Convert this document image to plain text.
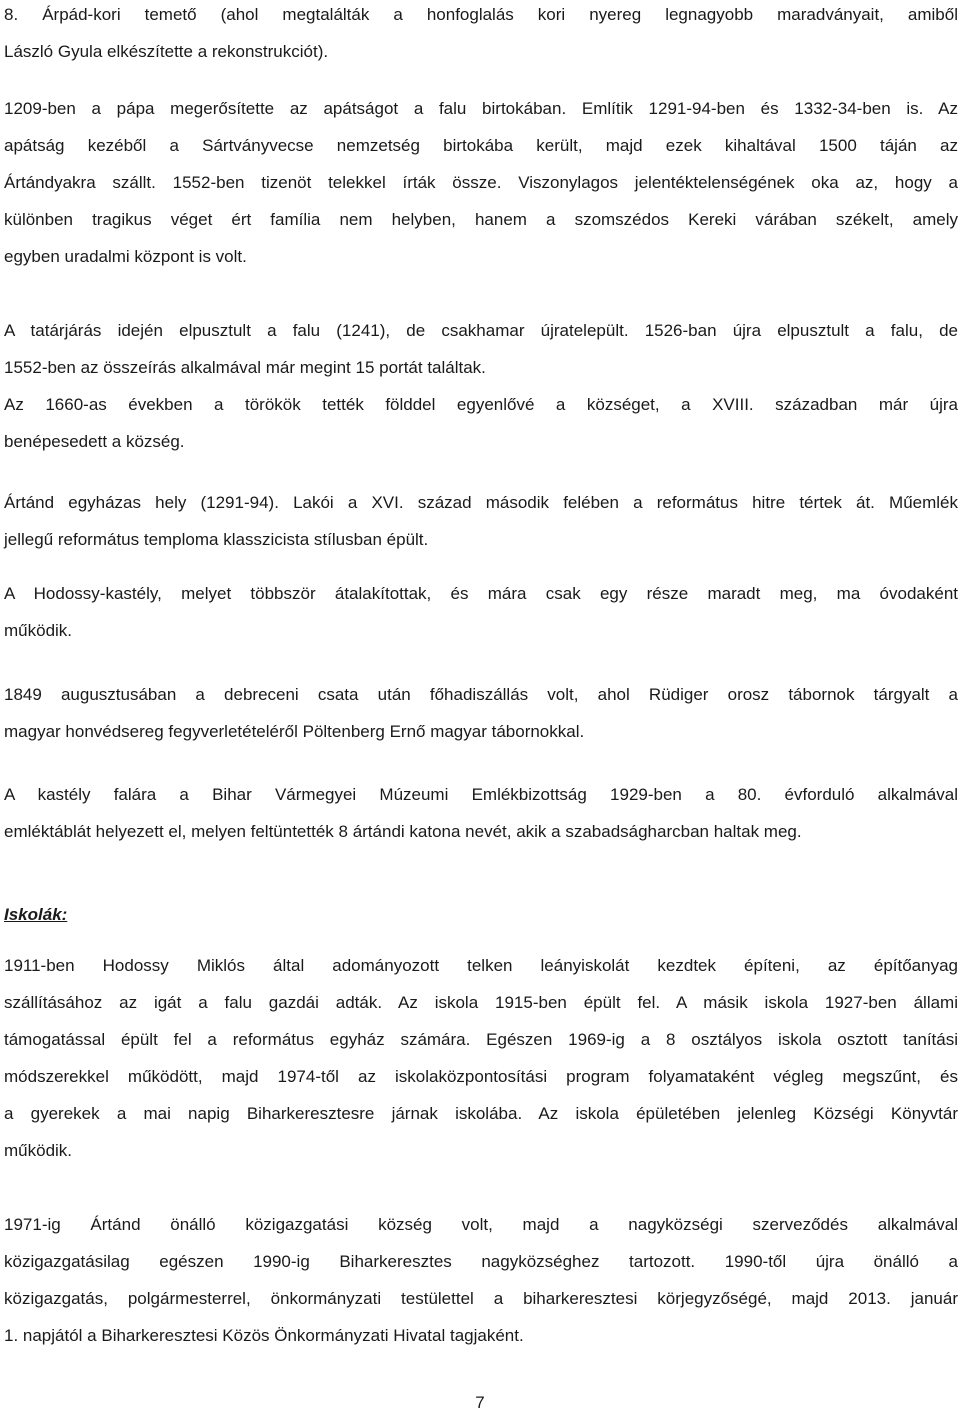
8. Árpád-kori temető (ahol megtalálták a honfoglalás kori nyereg legnagyobb maradványait, amiből
László Gyula elkészítette a rekonstrukciót).
1209-ben a pápa megerősítette az apátságot a falu birtokában. Említik 1291-94-ben és 1332-34-ben is. Az
apátság kezéből a Sártványvecse nemzetség birtokába került, majd ezek kihaltával 1500 táján az
Ártándyakra szállt. 1552-ben tizenöt telekkel írták össze. Viszonylagos jelentéktelenségének oka az, hogy a
különben tragikus véget ért família nem helyben, hanem a szomszédos Kereki várában székelt, amely
egyben uradalmi központ is volt.
A tatárjárás idején elpusztult a falu (1241), de csakhamar újratelepült. 1526-ban újra elpusztult a falu, de
1552-ben az összeírás alkalmával már megint 15 portát találtak.
Az 1660-as években a törökök tették földdel egyenlővé a községet, a XVIII. században már újra
benépesedett a község.
Ártánd egyházas hely (1291-94). Lakói a XVI. század második felében a református hitre tértek át. Műemlék
jellegű református temploma klasszicista stílusban épült.
A Hodossy-kastély, melyet többször átalakítottak, és mára csak egy része maradt meg, ma óvodaként
működik.
1849 augusztusában a debreceni csata után főhadiszállás volt, ahol Rüdiger orosz tábornok tárgyalt a
magyar honvédsereg fegyverletételéről Pöltenberg Ernő magyar tábornokkal.
A kastély falára a Bihar Vármegyei Múzeumi Emlékbizottság 1929-ben a 80. évforduló alkalmával
emléktáblát helyezett el, melyen feltüntették 8 ártándi katona nevét, akik a szabadságharcban haltak meg.
Iskolák:
1911-ben Hodossy Miklós által adományozott telken leányiskolát kezdtek építeni, az építőanyag
szállításához az igát a falu gazdái adták. Az iskola 1915-ben épült fel. A másik iskola 1927-ben állami
támogatással épült fel a református egyház számára. Egészen 1969-ig a 8 osztályos iskola osztott tanítási
módszerekkel működött, majd 1974-től az iskolaközpontosítási program folyamataként végleg megszűnt, és
a gyerekek a mai napig Biharkeresztesre járnak iskolába. Az iskola épületében jelenleg Községi Könyvtár
működik.
1971-ig Ártánd önálló közigazgatási község volt, majd a nagyközségi szerveződés alkalmával
közigazgatásilag egészen 1990-ig Biharkeresztes nagyközséghez tartozott. 1990-től újra önálló a
közigazgatás, polgármesterrel, önkormányzati testülettel a biharkeresztesi körjegyzőségé, majd 2013. január
1. napjától a Biharkeresztesi Közös Önkormányzati Hivatal tagjaként.
7
